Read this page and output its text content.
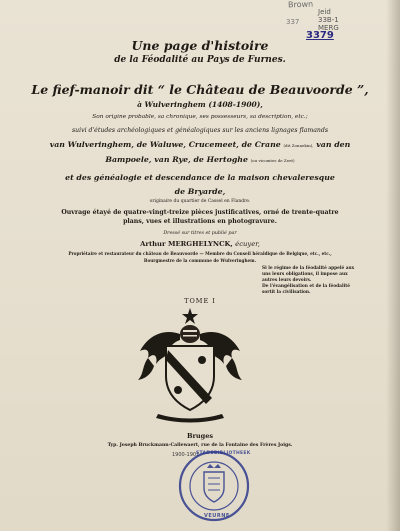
Brown
Jeid
33B-1
MERG
337
3379
Une page d'histoire
de la Féodalité au Pays de Furnes.
Le fief-manoir dit “ le Château de Beauvoorde ”,
à Wulveringhem (1408-1900),
Son origine probable, sa chronique, ses possesseurs, sa description, etc.;
suivi d'études archéologiques et généalogiques sur les anciens lignages flamands
van Wulveringhem, de Waluwe, Crucemeet, de Crane (dit Zonnekin), van den
Bampoele, van Rye, de Hertoghe (ou vicomtes de Zeet)
et des généalogie et descendance de la maison chevaleresque
de Bryarde,
originaire du quartier de Cassel en Flandre.
Ouvrage étayé de quatre-vingt-treize pièces justificatives, orné de trente-quatre
plans, vues et illustrations en photogravure.
Dressé sur titres et publié par
Arthur MERGHELYNCK, écuyer,
Propriétaire et restaurateur du château de Beauvoorde — Membre du Conseil héraldique de Belgique, etc., etc.,
Bourgmestre de la commune de Wulveringhem.
Si le régime de la féodalité appelé aux
uns leurs obligations, il impose aux
autres leurs devoirs.
De l'évangélisation et de la féodalité
sortit la civilisation.
TOME I
Bruges
Typ. Joseph Bruckmann-Callewaert, rue de la Fontaine des Frères Joigs.
1900-1901
STADSBIBLIOTHEEK
VEURNE
